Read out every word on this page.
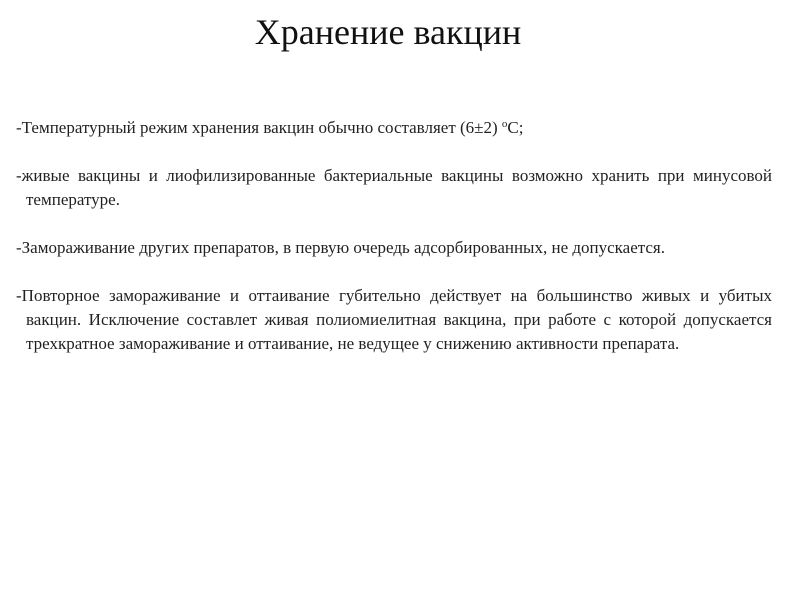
Хранение вакцин

-Температурный режим хранения вакцин обычно составляет (6±2) $^о$С;

-живые вакцины и лиофилизированные бактериальные вакцины возможно хранить при минусовой температуре.

-Замораживание других препаратов, в первую очередь адсорбированных, не допускается.

-Повторное замораживание и оттаивание губительно действует на большинство живых и убитых вакцин. Исключение составлет живая полиомиелитная вакцина, при работе с которой допускается трехкратное замораживание и оттаивание, не ведущее у снижению активности препарата.
